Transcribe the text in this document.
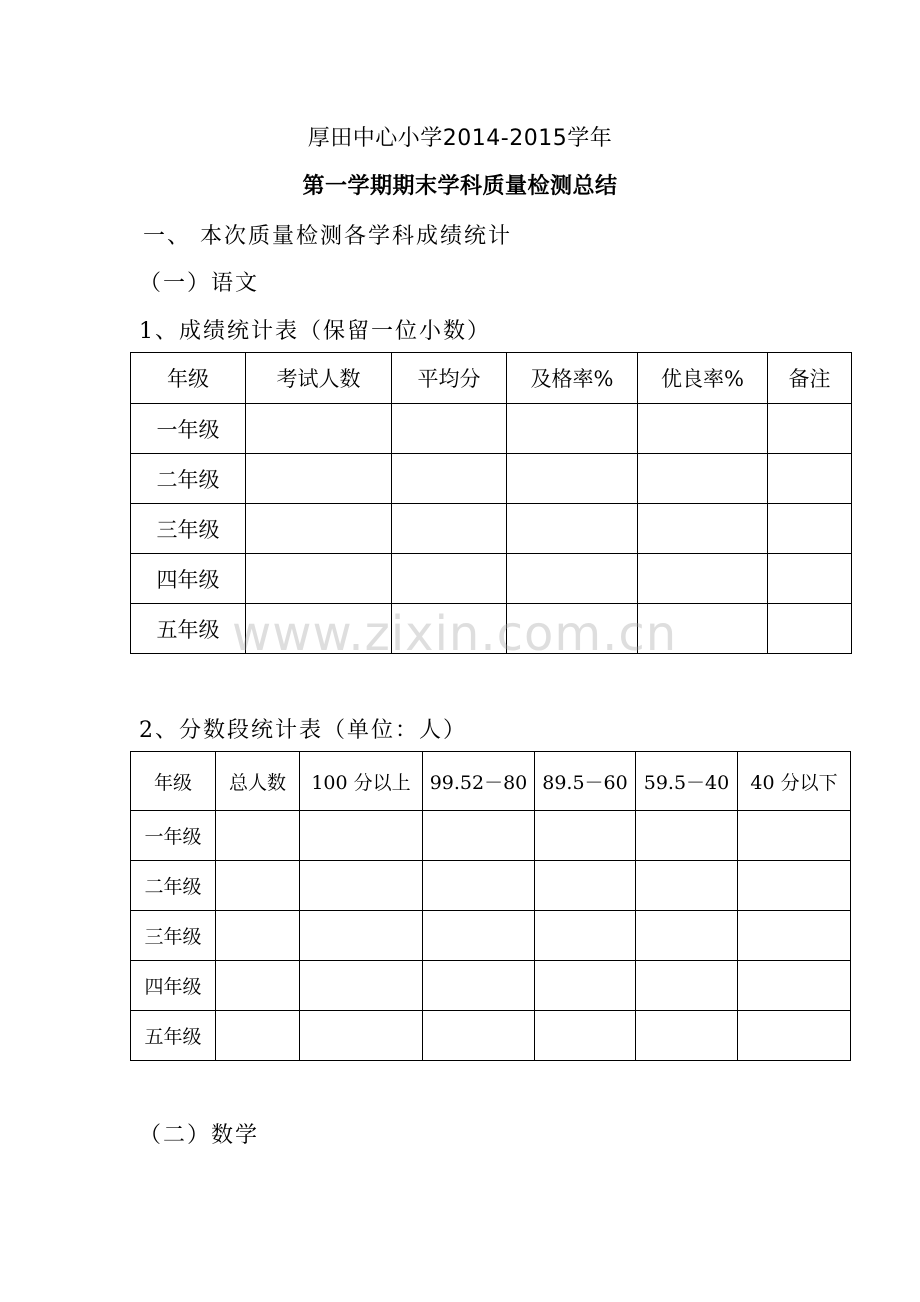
厚田中心小学2014-2015学年
第一学期期末学科质量检测总结
一、 本次质量检测各学科成绩统计
（一）语文
1、成绩统计表（保留一位小数）
年级	考试人数	平均分	及格率%	优良率%	备注
一年级					
二年级					
三年级					
四年级					
五年级					
2、分数段统计表（单位：人）
年级	总人数	100 分以上	99.52－80	89.5－60	59.5－40	40 分以下
一年级						
二年级						
三年级						
四年级						
五年级						
（二）数学
www.zixin.com.cn
